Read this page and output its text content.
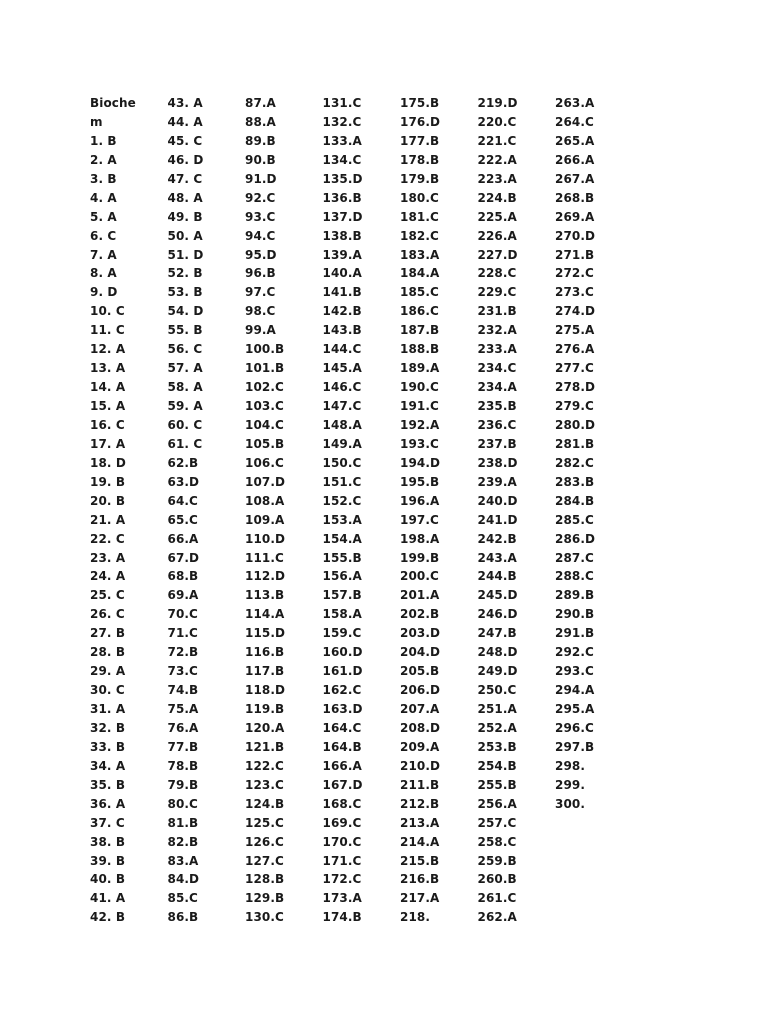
Bioche
m
1. B
2. A
3. B
4. A
5. A
6. C
7. A
8. A
9. D
10. C
11. C
12. A
13. A
14. A
15. A
16. C
17. A
18. D
19. B
20. B
21. A
22. C
23. A
24. A
25. C
26. C
27. B
28. B
29. A
30. C
31. A
32. B
33. B
34. A
35. B
36. A
37. C
38. B
39. B
40. B
41. A
42. B
43. A
44. A
45. C
46. D
47. C
48. A
49. B
50. A
51. D
52. B
53. B
54. D
55. B
56. C
57. A
58. A
59. A
60. C
61. C
62.B
63.D
64.C
65.C
66.A
67.D
68.B
69.A
70.C
71.C
72.B
73.C
74.B
75.A
76.A
77.B
78.B
79.B
80.C
81.B
82.B
83.A
84.D
85.C
86.B
87.A
88.A
89.B
90.B
91.D
92.C
93.C
94.C
95.D
96.B
97.C
98.C
99.A
100.B
101.B
102.C
103.C
104.C
105.B
106.C
107.D
108.A
109.A
110.D
111.C
112.D
113.B
114.A
115.D
116.B
117.B
118.D
119.B
120.A
121.B
122.C
123.C
124.B
125.C
126.C
127.C
128.B
129.B
130.C
131.C
132.C
133.A
134.C
135.D
136.B
137.D
138.B
139.A
140.A
141.B
142.B
143.B
144.C
145.A
146.C
147.C
148.A
149.A
150.C
151.C
152.C
153.A
154.A
155.B
156.A
157.B
158.A
159.C
160.D
161.D
162.C
163.D
164.C
164.B
166.A
167.D
168.C
169.C
170.C
171.C
172.C
173.A
174.B
175.B
176.D
177.B
178.B
179.B
180.C
181.C
182.C
183.A
184.A
185.C
186.C
187.B
188.B
189.A
190.C
191.C
192.A
193.C
194.D
195.B
196.A
197.C
198.A
199.B
200.C
201.A
202.B
203.D
204.D
205.B
206.D
207.A
208.D
209.A
210.D
211.B
212.B
213.A
214.A
215.B
216.B
217.A
218.
219.D
220.C
221.C
222.A
223.A
224.B
225.A
226.A
227.D
228.C
229.C
231.B
232.A
233.A
234.C
234.A
235.B
236.C
237.B
238.D
239.A
240.D
241.D
242.B
243.A
244.B
245.D
246.D
247.B
248.D
249.D
250.C
251.A
252.A
253.B
254.B
255.B
256.A
257.C
258.C
259.B
260.B
261.C
262.A
263.A
264.C
265.A
266.A
267.A
268.B
269.A
270.D
271.B
272.C
273.C
274.D
275.A
276.A
277.C
278.D
279.C
280.D
281.B
282.C
283.B
284.B
285.C
286.D
287.C
288.C
289.B
290.B
291.B
292.C
293.C
294.A
295.A
296.C
297.B
298.
299.
300.
